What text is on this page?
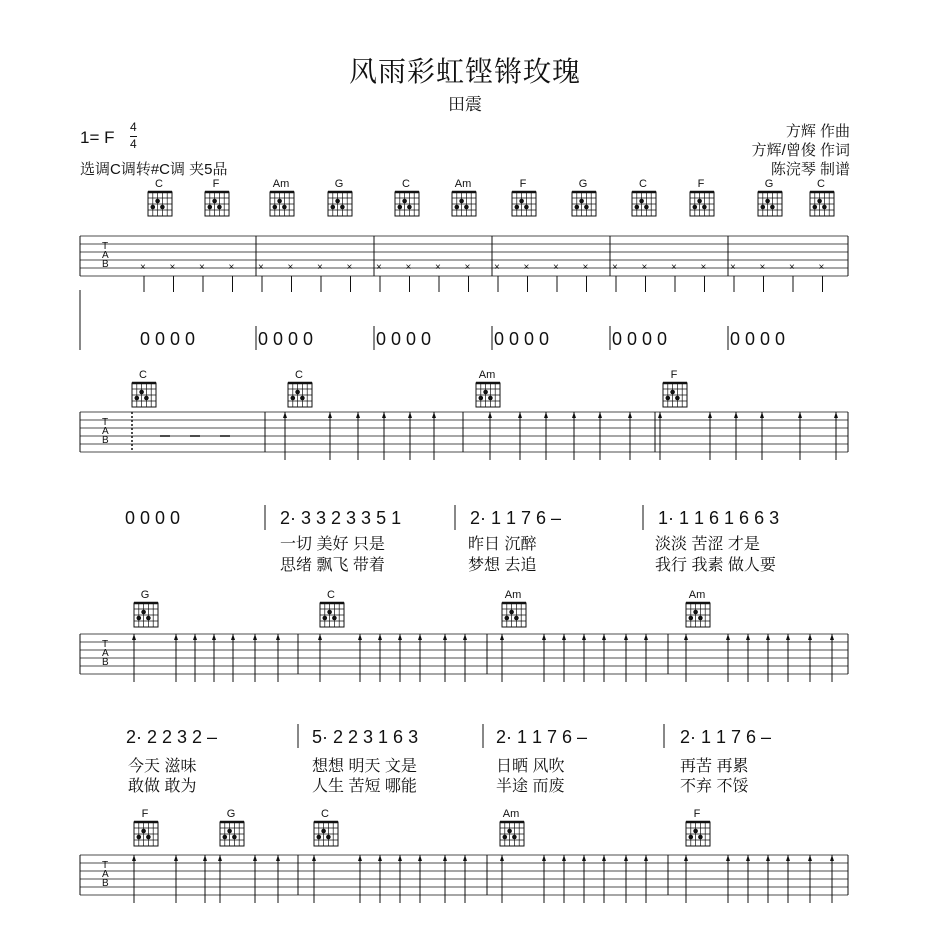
风雨彩虹铿锵玫瑰
田震
1= F
4
4
选调C调转#C调 夹5品
方辉 作曲
方辉/曾俊 作词
陈浣琴 制谱
× × × × × × × × × × × × × × × × × × × × × × × ×
T
A
B
C	F	Am	G	C	Am	F	G	C	F	G	C
0 0 0 0	0 0 0 0	0 0 0 0	0 0 0 0	0 0 0 0	0 0 0 0
T
A
B
C	C	Am	F
0 0 0 0	2· 3 3 2 3 3 5 1	2· 1 1 7 6 –	1· 1 1 6 1 6 6 3
一切 美好 只是	昨日 沉醉	淡淡 苦涩 才是
思绪 飘飞 带着	梦想 去追	我行 我素 做人要
T
A
B
G	C	Am	Am
2· 2 2 3 2 –	5· 2 2 3 1 6 3	2· 1 1 7 6 –	2· 1 1 7 6 –
今天 滋味	想想 明天 文是	日晒 风吹	再苦 再累
敢做 敢为	人生 苦短 哪能	半途 而废	不弃 不馁
T
A
B
F	G	C	Am	F
